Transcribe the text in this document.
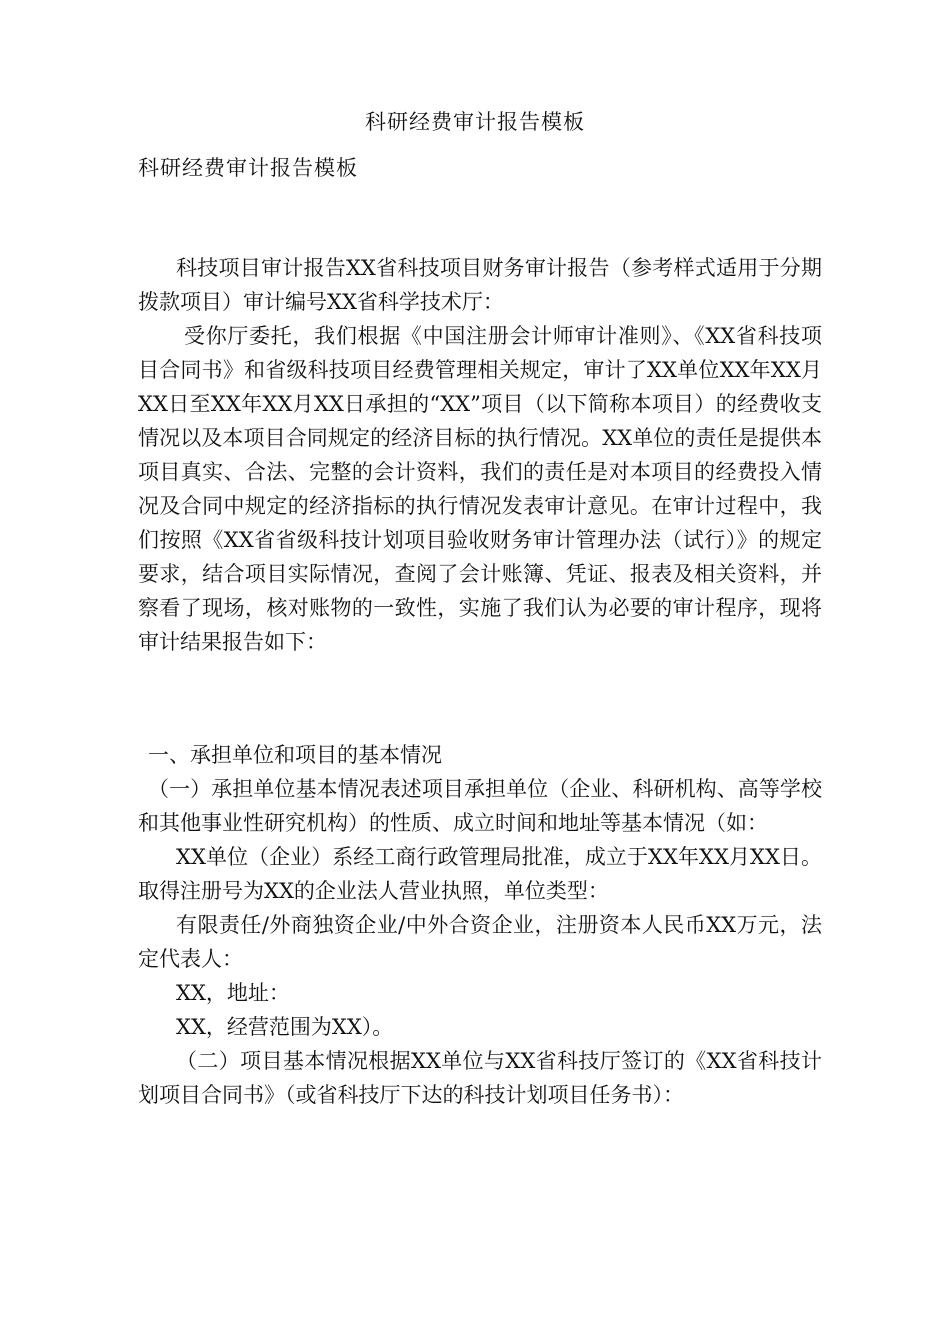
科研经费审计报告模板
科研经费审计报告模板

科技项目审计报告XX省科技项目财务审计报告（参考样式适用于分期拨款项目）审计编号XX省科学技术厅：

受你厅委托，我们根据《中国注册会计师审计准则》、《XX省科技项目合同书》和省级科技项目经费管理相关规定，审计了XX单位XX年XX月XX日至XX年XX月XX日承担的“XX”项目（以下简称本项目）的经费收支情况以及本项目合同规定的经济目标的执行情况。XX单位的责任是提供本项目真实、合法、完整的会计资料，我们的责任是对本项目的经费投入情况及合同中规定的经济指标的执行情况发表审计意见。在审计过程中，我们按照《XX省省级科技计划项目验收财务审计管理办法（试行）》的规定要求，结合项目实际情况，查阅了会计账簿、凭证、报表及相关资料，并察看了现场，核对账物的一致性，实施了我们认为必要的审计程序，现将审计结果报告如下：

一、承担单位和项目的基本情况

（一）承担单位基本情况表述项目承担单位（企业、科研机构、高等学校和其他事业性研究机构）的性质、成立时间和地址等基本情况（如：

XX单位（企业）系经工商行政管理局批准，成立于XX年XX月XX日。取得注册号为XX的企业法人营业执照，单位类型：

有限责任/外商独资企业/中外合资企业，注册资本人民币XX万元，法定代表人：

XX，地址：

XX，经营范围为XX）。

（二）项目基本情况根据XX单位与XX省科技厅签订的《XX省科技计划项目合同书》（或省科技厅下达的科技计划项目任务书）：
